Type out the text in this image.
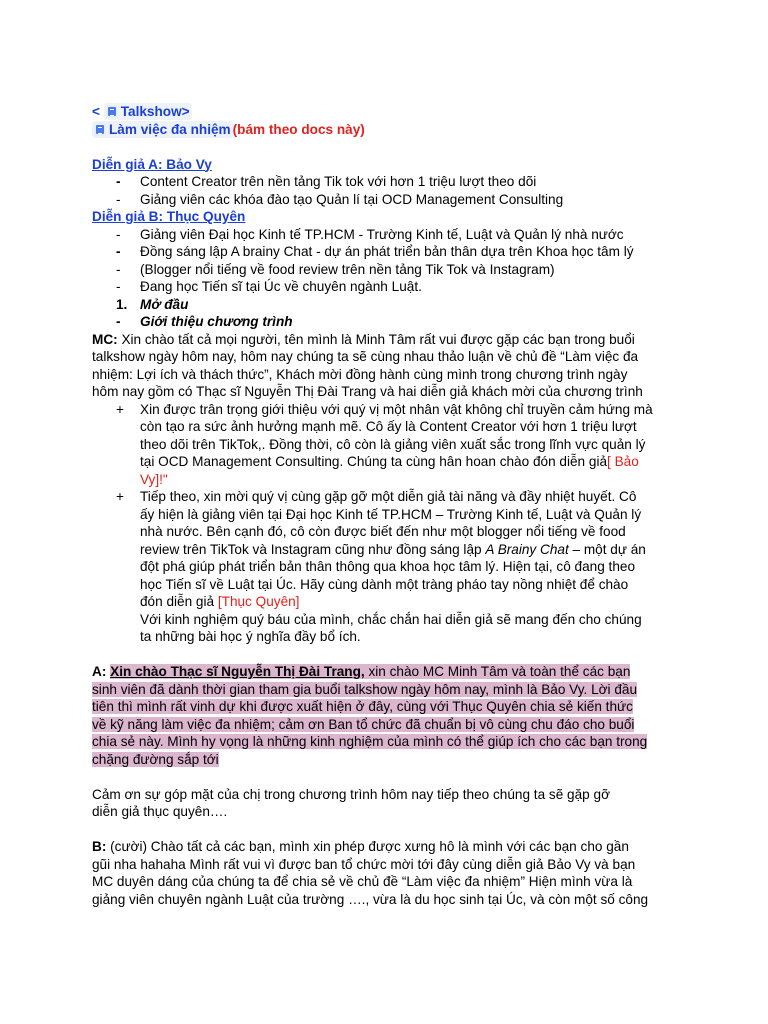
< Talkshow>
Làm việc đa nhiệm (bám theo docs này)
Diễn giả A: Bảo Vy
- Content Creator trên nền tảng Tik tok với hơn 1 triệu lượt theo dõi
- Giảng viên các khóa đào tạo Quản lí tại OCD Management Consulting
Diễn giả B: Thục Quyên
- Giảng viên Đại học Kinh tế TP.HCM - Trường Kinh tế, Luật và Quản lý nhà nước
- Đồng sáng lập A brainy Chat - dự án phát triển bản thân dựa trên Khoa học tâm lý
- (Blogger nổi tiếng về food review trên nền tảng Tik Tok và Instagram)
- Đang học Tiến sĩ tại Úc về chuyên ngành Luật.
1. Mở đầu
- Giới thiệu chương trình
MC: Xin chào tất cả mọi người, tên mình là Minh Tâm rất vui được gặp các bạn trong buổi
talkshow ngày hôm nay, hôm nay chúng ta sẽ cùng nhau thảo luận về chủ đề “Làm việc đa
nhiệm: Lợi ích và thách thức”, Khách mời đồng hành cùng mình trong chương trình ngày
hôm nay gồm có Thạc sĩ Nguyễn Thị Đài Trang và hai diễn giả khách mời của chương trình
+ Xin được trân trọng giới thiệu với quý vị một nhân vật không chỉ truyền cảm hứng mà
còn tạo ra sức ảnh hưởng mạnh mẽ. Cô ấy là Content Creator với hơn 1 triệu lượt
theo dõi trên TikTok,. Đồng thời, cô còn là giảng viên xuất sắc trong lĩnh vực quản lý
tại OCD Management Consulting. Chúng ta cùng hân hoan chào đón diễn giả[ Bảo
Vy]!"
+ Tiếp theo, xin mời quý vị cùng gặp gỡ một diễn giả tài năng và đầy nhiệt huyết. Cô
ấy hiện là giảng viên tại Đại học Kinh tế TP.HCM – Trường Kinh tế, Luật và Quản lý
nhà nước. Bên cạnh đó, cô còn được biết đến như một blogger nổi tiếng về food
review trên TikTok và Instagram cũng như đồng sáng lập A Brainy Chat – một dự án
đột phá giúp phát triển bản thân thông qua khoa học tâm lý. Hiện tại, cô đang theo
học Tiến sĩ về Luật tại Úc. Hãy cùng dành một tràng pháo tay nồng nhiệt để chào
đón diễn giả [Thục Quyên]
Với kinh nghiệm quý báu của mình, chắc chắn hai diễn giả sẽ mang đến cho chúng
ta những bài học ý nghĩa đầy bổ ích.
A: Xin chào Thạc sĩ Nguyễn Thị Đài Trang, xin chào MC Minh Tâm và toàn thể các bạn
sinh viên đã dành thời gian tham gia buổi talkshow ngày hôm nay, mình là Bảo Vy. Lời đầu
tiên thì mình rất vinh dự khi được xuất hiện ở đây, cùng với Thục Quyên chia sẻ kiến thức
về kỹ năng làm việc đa nhiệm; cảm ơn Ban tổ chức đã chuẩn bị vô cùng chu đáo cho buổi
chia sẻ này. Mình hy vọng là những kinh nghiệm của mình có thể giúp ích cho các bạn trong
chặng đường sắp tới
Cảm ơn sự góp mặt của chị trong chương trình hôm nay tiếp theo chúng ta sẽ gặp gỡ
diễn giả thục quyên….
B: (cười) Chào tất cả các bạn, mình xin phép được xưng hô là mình với các bạn cho gần
gũi nha hahaha Mình rất vui vì được ban tổ chức mời tới đây cùng diễn giả Bảo Vy và bạn
MC duyên dáng của chúng ta để chia sẻ về chủ đề “Làm việc đa nhiệm” Hiện mình vừa là
giảng viên chuyên ngành Luật của trường …., vừa là du học sinh tại Úc, và còn một số công
